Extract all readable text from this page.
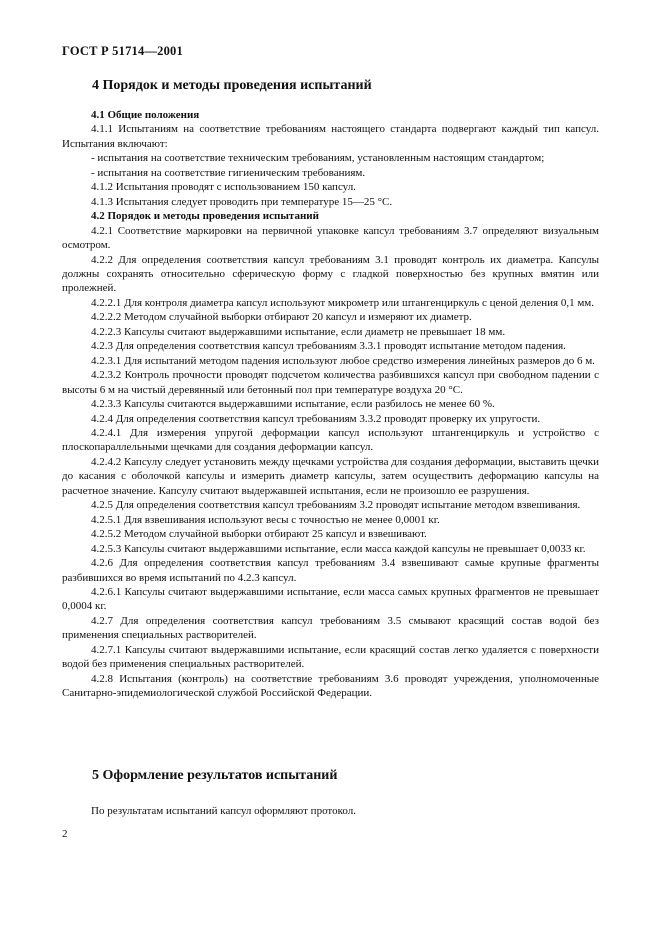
ГОСТ Р 51714—2001
4 Порядок и методы проведения испытаний

4.1 Общие положения

4.1.1 Испытаниям на соответствие требованиям настоящего стандарта подвергают каждый тип капсул. Испытания включают:

- испытания на соответствие техническим требованиям, установленным настоящим стандартом;

- испытания на соответствие гигиеническим требованиям.

4.1.2 Испытания проводят с использованием 150 капсул.

4.1.3 Испытания следует проводить при температуре 15—25 °С.

4.2 Порядок и методы проведения испытаний

4.2.1 Соответствие маркировки на первичной упаковке капсул требованиям 3.7 определяют визуальным осмотром.

4.2.2 Для определения соответствия капсул требованиям 3.1 проводят контроль их диаметра. Капсулы должны сохранять относительно сферическую форму с гладкой поверхностью без крупных вмятин или пролежней.

4.2.2.1 Для контроля диаметра капсул используют микрометр или штангенциркуль с ценой деления 0,1 мм.

4.2.2.2 Методом случайной выборки отбирают 20 капсул и измеряют их диаметр.

4.2.2.3 Капсулы считают выдержавшими испытание, если диаметр не превышает 18 мм.

4.2.3 Для определения соответствия капсул требованиям 3.3.1 проводят испытание методом падения.

4.2.3.1 Для испытаний методом падения используют любое средство измерения линейных размеров до 6 м.

4.2.3.2 Контроль прочности проводят подсчетом количества разбившихся капсул при свободном падении с высоты 6 м на чистый деревянный или бетонный пол при температуре воздуха 20 °С.

4.2.3.3 Капсулы считаются выдержавшими испытание, если разбилось не менее 60 %.

4.2.4 Для определения соответствия капсул требованиям 3.3.2 проводят проверку их упругости.

4.2.4.1 Для измерения упругой деформации капсул используют штангенциркуль и устройство с плоскопараллельными щечками для создания деформации капсул.

4.2.4.2 Капсулу следует установить между щечками устройства для создания деформации, выставить щечки до касания с оболочкой капсулы и измерить диаметр капсулы, затем осуществить деформацию капсулы на расчетное значение. Капсулу считают выдержавшей испытания, если не произошло ее разрушения.

4.2.5 Для определения соответствия капсул требованиям 3.2 проводят испытание методом взвешивания.

4.2.5.1 Для взвешивания используют весы с точностью не менее 0,0001 кг.

4.2.5.2 Методом случайной выборки отбирают 25 капсул и взвешивают.

4.2.5.3 Капсулы считают выдержавшими испытание, если масса каждой капсулы не превышает 0,0033 кг.

4.2.6 Для определения соответствия капсул требованиям 3.4 взвешивают самые крупные фрагменты разбившихся во время испытаний по 4.2.3 капсул.

4.2.6.1 Капсулы считают выдержавшими испытание, если масса самых крупных фрагментов не превышает 0,0004 кг.

4.2.7 Для определения соответствия капсул требованиям 3.5 смывают красящий состав водой без применения специальных растворителей.

4.2.7.1 Капсулы считают выдержавшими испытание, если красящий состав легко удаляется с поверхности водой без применения специальных растворителей.

4.2.8 Испытания (контроль) на соответствие требованиям 3.6 проводят учреждения, уполномоченные Санитарно-эпидемиологической службой Российской Федерации.

5 Оформление результатов испытаний
По результатам испытаний капсул оформляют протокол.
2
